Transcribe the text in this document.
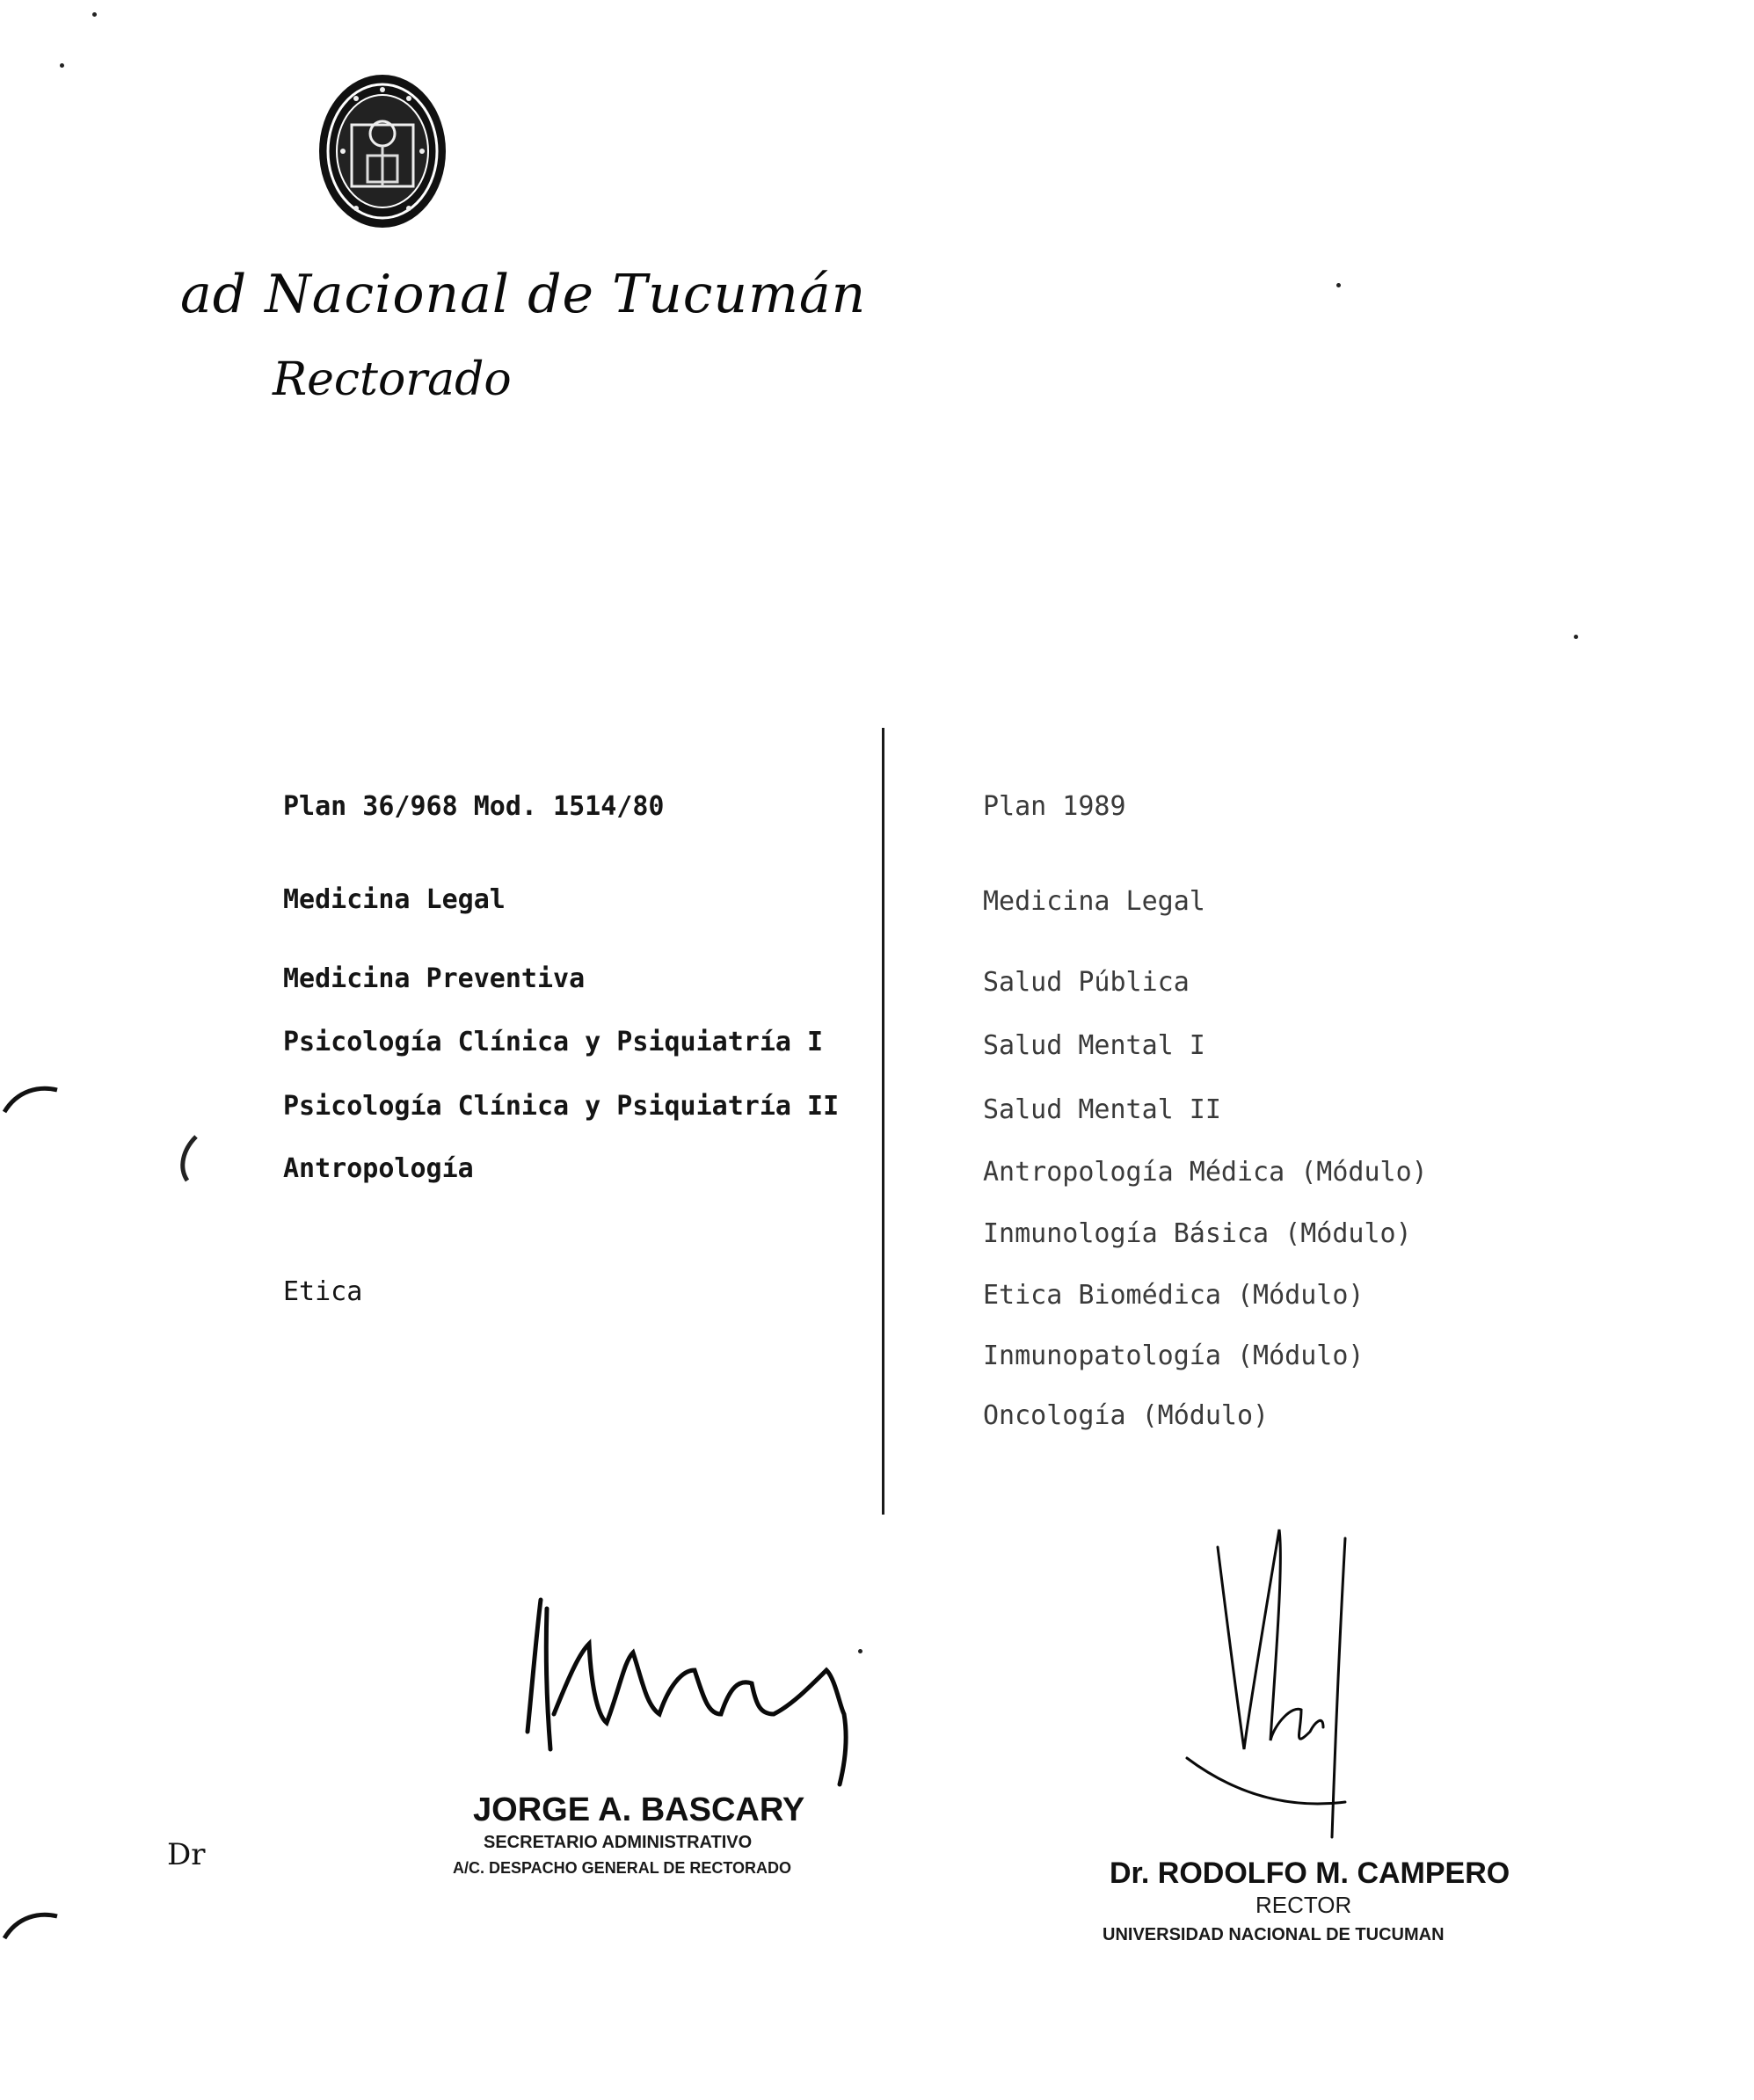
ad Nacional de Tucumán
Rectorado
Plan 36/968 Mod. 1514/80
Medicina Legal
Medicina Preventiva
Psicología Clínica y Psiquiatría I
Psicología Clínica y Psiquiatría II
Antropología
Etica
Plan 1989
Medicina Legal
Salud Pública
Salud Mental I
Salud Mental II
Antropología Médica (Módulo)
Inmunología Básica (Módulo)
Etica Biomédica (Módulo)
Inmunopatología (Módulo)
Oncología (Módulo)
JORGE A. BASCARY
SECRETARIO ADMINISTRATIVO
A/C. DESPACHO GENERAL DE RECTORADO	Dr. RODOLFO M. CAMPERO
RECTOR
UNIVERSIDAD NACIONAL DE TUCUMAN
Dr
